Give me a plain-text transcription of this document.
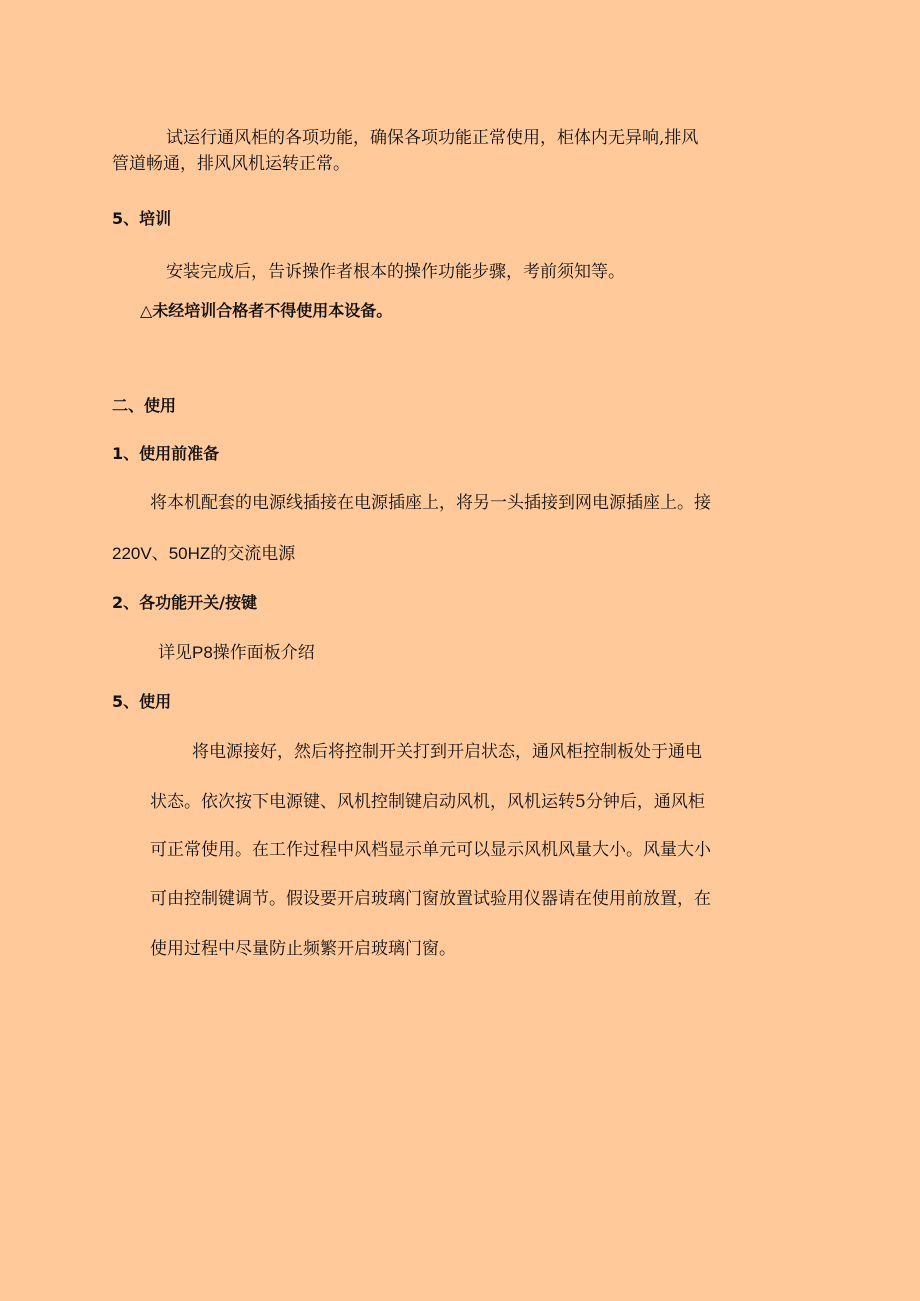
试运行通风柜的各项功能，确保各项功能正常使用，柜体内无异响,排风
管道畅通，排风风机运转正常。
5、培训
安装完成后，告诉操作者根本的操作功能步骤，考前须知等。
△未经培训合格者不得使用本设备。
二、使用
1、使用前准备
将本机配套的电源线插接在电源插座上，将另一头插接到网电源插座上。接
220V、50HZ的交流电源
2、各功能开关/按键
详见P8操作面板介绍
5、使用
将电源接好，然后将控制开关打到开启状态，通风柜控制板处于通电
状态。依次按下电源键、风机控制键启动风机，风机运转5分钟后，通风柜
可正常使用。在工作过程中风档显示单元可以显示风机风量大小。风量大小
可由控制键调节。假设要开启玻璃门窗放置试验用仪器请在使用前放置，在
使用过程中尽量防止频繁开启玻璃门窗。
